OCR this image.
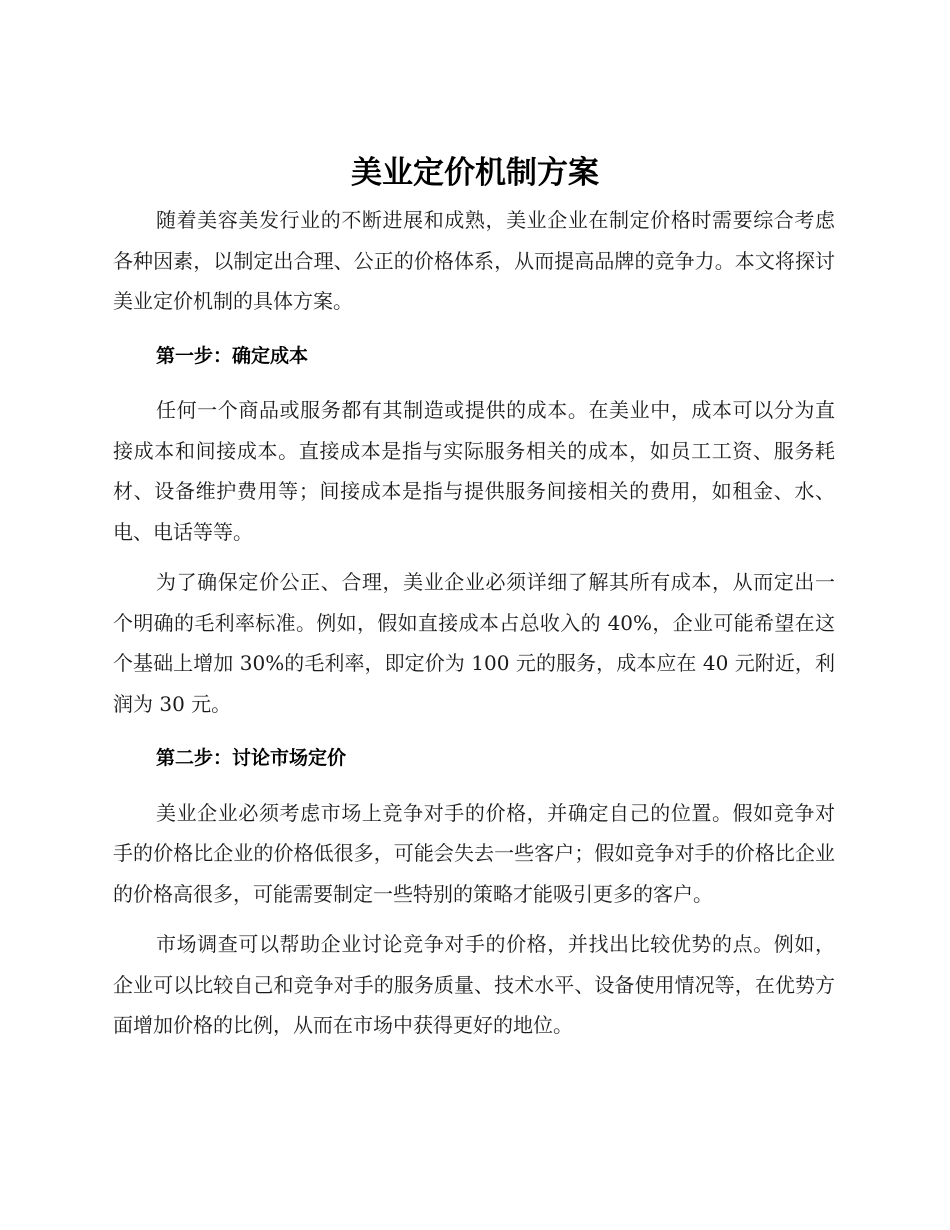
美业定价机制方案

随着美容美发行业的不断进展和成熟，美业企业在制定价格时需要综合考虑各种因素，以制定出合理、公正的价格体系，从而提高品牌的竞争力。本文将探讨美业定价机制的具体方案。

第一步：确定成本

任何一个商品或服务都有其制造或提供的成本。在美业中，成本可以分为直接成本和间接成本。直接成本是指与实际服务相关的成本，如员工工资、服务耗材、设备维护费用等；间接成本是指与提供服务间接相关的费用，如租金、水、电、电话等等。

为了确保定价公正、合理，美业企业必须详细了解其所有成本，从而定出一个明确的毛利率标准。例如，假如直接成本占总收入的 40%，企业可能希望在这个基础上增加 30%的毛利率，即定价为 100 元的服务，成本应在 40 元附近，利润为 30 元。

第二步：讨论市场定价

美业企业必须考虑市场上竞争对手的价格，并确定自己的位置。假如竞争对手的价格比企业的价格低很多，可能会失去一些客户；假如竞争对手的价格比企业的价格高很多，可能需要制定一些特别的策略才能吸引更多的客户。

市场调查可以帮助企业讨论竞争对手的价格，并找出比较优势的点。例如，企业可以比较自己和竞争对手的服务质量、技术水平、设备使用情况等，在优势方面增加价格的比例，从而在市场中获得更好的地位。
